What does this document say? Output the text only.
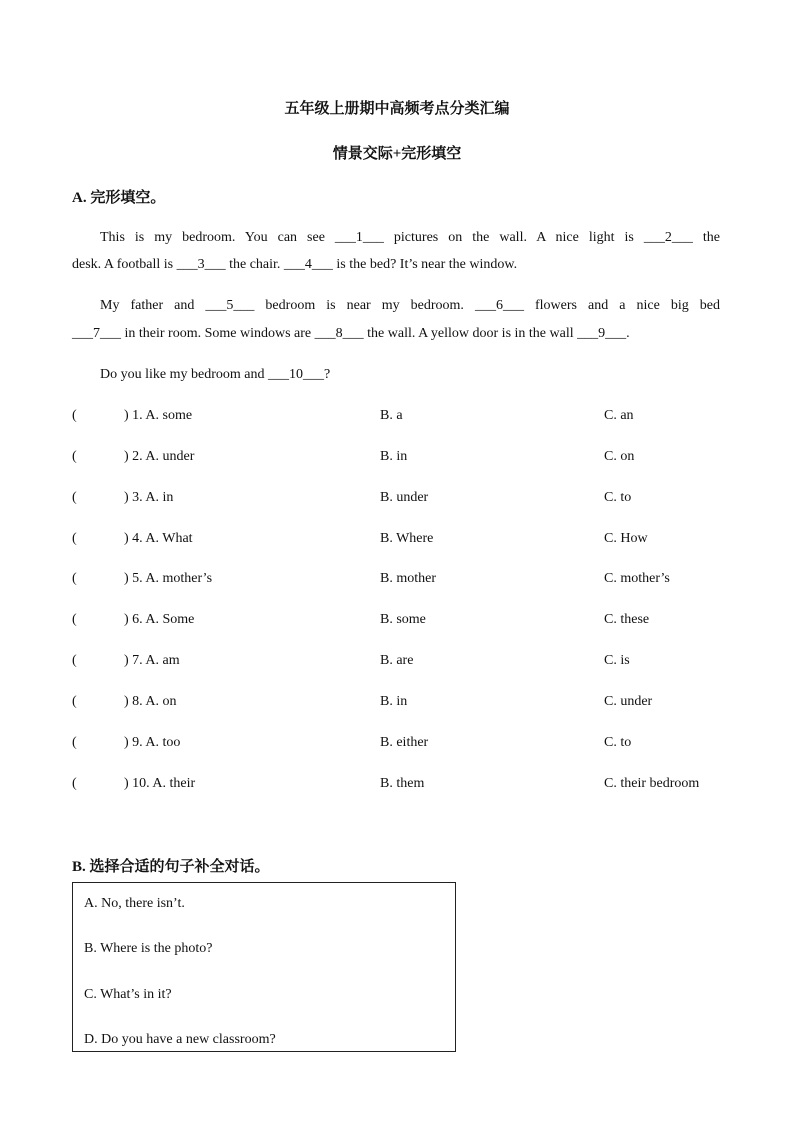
五年级上册期中高频考点分类汇编
情景交际+完形填空
A. 完形填空。
This is my bedroom. You can see ___1___ pictures on the wall. A nice light is ___2___ the
desk. A football is ___3___ the chair. ___4___ is the bed? It’s near the window.
My father and ___5___ bedroom is near my bedroom. ___6___ flowers and a nice big bed
___7___ in their room. Some windows are ___8___ the wall. A yellow door is in the wall ___9___.
Do you like my bedroom and ___10___?
(	) 1. A. some	B. a	C. an
(	) 2. A. under	B. in	C. on
(	) 3. A. in	B. under	C. to
(	) 4. A. What	B. Where	C. How
(	) 5. A. mother’s	B. mother	C. mother’s
(	) 6. A. Some	B. some	C. these
(	) 7. A. am	B. are	C. is
(	) 8. A. on	B. in	C. under
(	) 9. A. too	B. either	C. to
(	) 10. A. their	B. them	C. their bedroom
B. 选择合适的句子补全对话。
A. No, there isn’t.
B. Where is the photo?
C. What’s in it?
D. Do you have a new classroom?
